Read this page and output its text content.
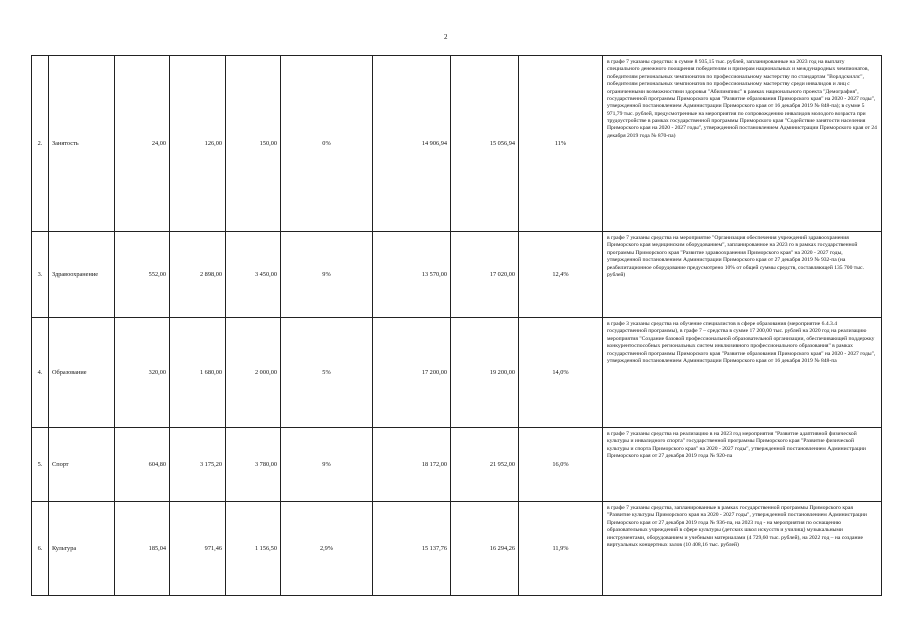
2
2.	Занятость	24,00	126,00	150,00	0%	14 906,94	15 056,94	11%	в графе 7 указаны средства: в сумме 8 935,15 тыс. рублей, запланированные на 2023 год на выплату специального денежного поощрения победителям и призерам национальных и международных чемпионатов, победителям региональных чемпионатов по профессиональному мастерству по стандартам "Ворлдскиллс", победителям региональных чемпионатов по профессиональному мастерству среди инвалидов и лиц с ограниченными возможностями здоровья "Абилимпикс" в рамках национального проекта "Демография", государственной программы Приморского края "Развитие образования Приморского края" на 2020 - 2027 годы", утвержденной постановлением Администрации Приморского края от 16 декабря 2019 № 848-па); в сумме 5 971,79 тыс. рублей, предусмотренные на мероприятия по сопровождению инвалидов молодого возраста при трудоустройстве в рамках государственной программы Приморского края "Содействие занятости населения Приморского края на 2020 - 2027 годы", утвержденной постановлением Администрации Приморского края от 24 декабря 2019 года № 870-па)
3.	Здравоохранение	552,00	2 898,00	3 450,00	9%	13 570,00	17 020,00	12,4%	в графе 7 указаны средства на мероприятие "Организация обеспечения учреждений здравоохранения Приморского края медицинским оборудованием", запланированное на 2023 го в рамках государственной программы Приморского края "Развитие здравоохранения Приморского края" на 2020 - 2027 годы, утвержденной постановлением Администрации Приморского края от 27 декабря 2019 № 932-па (на реабилитационное оборудование предусмотрено 10% от общей суммы средств, составляющей 135 700 тыс. рублей)
4.	Образование	320,00	1 680,00	2 000,00	5%	17 200,00	19 200,00	14,0%	в графе 3 указаны средства на обучение специалистов в сфере образования (мероприятие 6.4.3.4 государственной программы), в графе 7 – средства в сумме 17 200,00 тыс. рублей на 2020 год на реализацию мероприятия "Создание базовой профессиональной образовательной организации, обеспечивающей поддержку конкурентоспособных региональных систем инклюзивного профессионального образования" в рамках государственной программы Приморского края "Развитие образования Приморского края" на 2020 - 2027 годы", утвержденной постановлением Администрации Приморского края от 16 декабря 2019 № 848-па
5.	Спорт	604,80	3 175,20	3 780,00	9%	18 172,00	21 952,00	16,0%	в графе 7 указаны средства на реализацию в на 2023 год мероприятия "Развитие адаптивной физической культуры и инвалидного спорта" государственной программы Приморского края "Развитие физической культуры и спорта Приморского края" на 2020 - 2027 годы", утвержденной постановлением Администрации Приморского края от 27 декабря 2019 года № 920-па
6.	Культура	185,04	971,46	1 156,50	2,9%	15 137,76	16 294,26	11,9%	в графе 7 указаны средства, запланированные в рамках государственной программы Приморского края "Развитие культуры Приморского края на 2020 - 2027 годы", утвержденной постановлением Администрации Приморского края от 27 декабря 2019 года № 936-па, на 2023 год - на мероприятия по оснащению образовательных учреждений в сфере культуры (детских школ искусств и училищ) музыкальными инструментами, оборудованием и учебными материалами (4 729,60 тыс. рублей), на 2022 год – на создание виртуальных концертных залов (10 408,16 тыс. рублей)
